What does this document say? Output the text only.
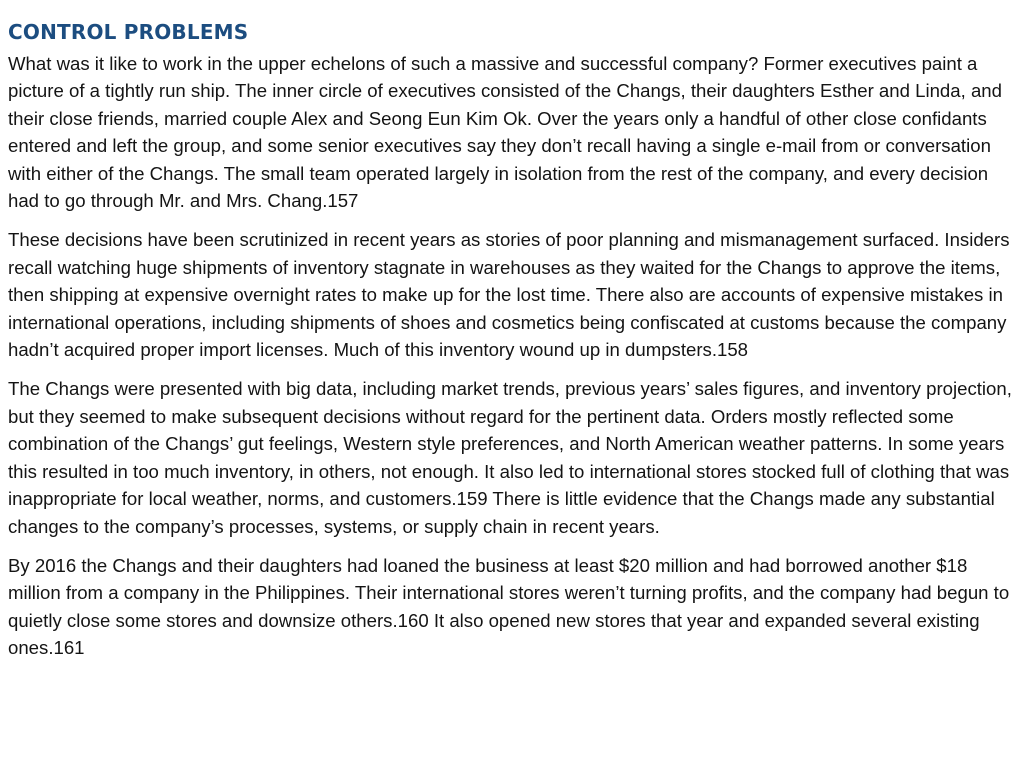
CONTROL PROBLEMS

What was it like to work in the upper echelons of such a massive and successful company? Former executives paint a picture of a tightly run ship. The inner circle of executives consisted of the Changs, their daughters Esther and Linda, and their close friends, married couple Alex and Seong Eun Kim Ok. Over the years only a handful of other close confidants entered and left the group, and some senior executives say they don’t recall having a single e-mail from or conversation with either of the Changs. The small team operated largely in isolation from the rest of the company, and every decision had to go through Mr. and Mrs. Chang.157

These decisions have been scrutinized in recent years as stories of poor planning and mismanagement surfaced. Insiders recall watching huge shipments of inventory stagnate in warehouses as they waited for the Changs to approve the items, then shipping at expensive overnight rates to make up for the lost time. There also are accounts of expensive mistakes in international operations, including shipments of shoes and cosmetics being confiscated at customs because the company hadn’t acquired proper import licenses. Much of this inventory wound up in dumpsters.158

The Changs were presented with big data, including market trends, previous years’ sales figures, and inventory projection, but they seemed to make subsequent decisions without regard for the pertinent data. Orders mostly reflected some combination of the Changs’ gut feelings, Western style preferences, and North American weather patterns. In some years this resulted in too much inventory, in others, not enough. It also led to international stores stocked full of clothing that was inappropriate for local weather, norms, and customers.159 There is little evidence that the Changs made any substantial changes to the company’s processes, systems, or supply chain in recent years.

By 2016 the Changs and their daughters had loaned the business at least $20 million and had borrowed another $18 million from a company in the Philippines. Their international stores weren’t turning profits, and the company had begun to quietly close some stores and downsize others.160 It also opened new stores that year and expanded several existing ones.161
